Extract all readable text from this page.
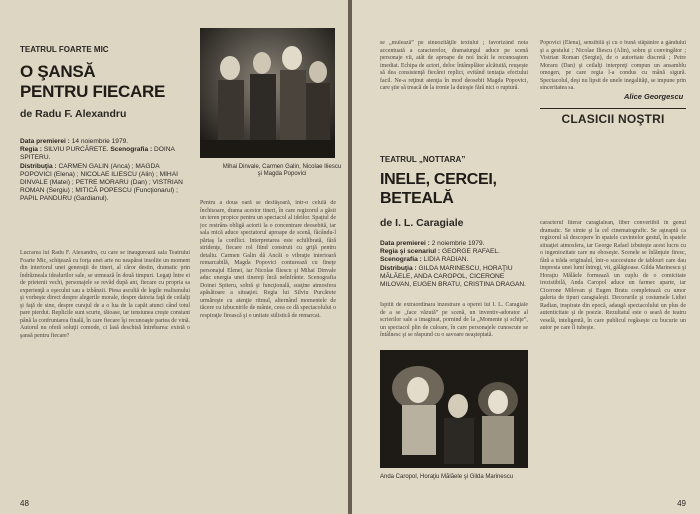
TEATRUL FOARTE MIC
O ŞANSĂ
PENTRU FIECARE
de Radu F. Alexandru
Data premierei : 14 noiembrie 1979.
Regia : SILVIU PURCĂRETE. Scenografia : DOINA SPITERU.
Distribuţia : CARMEN GALIN (Anca) ; MAGDA POPOVICI (Elena) ; NICOLAE ILIESCU (Alin) ; MIHAI DINVALE (Matei) ; PETRE MORARU (Dan) ; VISTRIAN ROMAN (Sergiu) ; MITICĂ POPESCU (Funcţionarul) ; PAPIL PANDURU (Gardianul).
Mihai Dinvale, Carmen Galin, Nicolae Iliescu şi Magda Popovici
Lucrarea lui Radu F. Alexandru, cu care se inaugurează sala Teatrului Foarte Mic, schiţează cu forţa unei arte nu neapărat insolite un moment din interiorul unei generaţii de tineri, al căror destin, dramatic prin îndrăzneala idealurilor sale, se urmează în două timpuri. Legaţi între ei de prietenii vechi, personajele se revăd după ani, fiecare cu propria sa experienţă a eşecului sau a izbânzii. Piesa ascultă de legile realismului şi vorbeşte direct despre alegerile morale, despre datoria faţă de ceilalţi şi faţă de sine, despre curajul de a o lua de la capăt atunci când totul pare pierdut. Replicile sunt scurte, tăioase, iar tensiunea creşte constant până la confruntarea finală, în care fiecare îşi recunoaşte partea de vină. Autorul nu oferă soluţii comode, ci lasă deschisă întrebarea: există o şansă pentru fiecare?
Pentru a doua oară se desfăşoară, într-o celulă de închisoare, drama acestor tineri, în care regizorul a găsit un teren propice pentru un spectacol al ideilor. Spaţiul de joc restrâns obligă actorii la o concentrare deosebită, iar sala mică aduce spectatorul aproape de scenă, făcându-l părtaş la conflict. Interpretarea este echilibrată, fără stridenţe, fiecare rol fiind construit cu grijă pentru detaliu. Carmen Galin dă Ancăi o vibraţie interioară remarcabilă, Magda Popovici conturează cu fineţe personajul Elenei, iar Nicolae Iliescu şi Mihai Dinvale aduc energia unei tinereţi încă neînfrânte. Scenografia Doinei Spiteru, sobră şi funcţională, susţine atmosfera apăsătoare a situaţiei. Regia lui Silviu Purcărete urmăreşte cu atenţie ritmul, alternând momentele de tăcere cu izbucnirile de mânie, ceea ce dă spectacolului o respiraţie firească şi o unitate stilistică de remarcat.
48
se „mulează” pe sinuozităţile textului ; favorizând nota accentuată a caracterelor, dramaturgul aduce pe scenă personaje vii, atât de aproape de noi încât le recunoaştem imediat. Echipa de actori, deloc întâmplător alcătuită, reuşeşte să dea consistenţă fiecărei replici, evitând tentaţia efectului facil. Ne-a reţinut atenţia în mod deosebit Magda Popovici, care ştie să treacă de la ironie la duioşie fără nici o ruptură.
Popovici (Elena), sensibilă şi cu o bună stăpânire a gândului şi a gestului ; Nicolae Iliescu (Alin), sobru şi convingător ; Vistrian Roman (Sergiu), de o autoritate discretă ; Petre Moraru (Dan) şi ceilalţi interpreţi compun un ansamblu omogen, pe care regia l-a condus cu mână sigură. Spectacolul, deşi nu lipsit de unele inegalităţi, se impune prin sinceritatea sa.
Alice Georgescu
CLASICII NOŞTRI
TEATRUL „NOTTARA”
INELE, CERCEI,
BETEALĂ
de I. L. Caragiale
Data premierei : 2 noiembrie 1979.
Regia şi scenariul : GEORGE RAFAEL.
Scenografia : LIDIA RADIAN.
Distribuţia : GILDA MARINESCU, HORAŢIU MĂLĂELE, ANDA CAROPOL, CICERONE MILOVAN, EUGEN BRATU, CRISTINA DRAGAN.
Ispitit de extraordinara înzestrare a operei lui I. L. Caragiale de a se „face văzută” pe scenă, un inventiv-adorator al scrierilor sale a imaginat, pornind de la „Momente şi schiţe”, un spectacol plin de culoare, în care personajele cunoscute se întâlnesc şi se răspund cu o savoare neaşteptată.
Anda Caropol, Horaţiu Mălăele şi Gilda Marinescu
caracterul literar caragialean, liber convertibil în genul dramatic. Se simte şi la cel cinematografic. Se aşteaptă ca regizorul să descopere în spatele cuvintelor gestul, în spatele situaţiei atmosfera, iar George Rafael izbuteşte acest lucru cu o ingeniozitate care nu oboseşte. Scenele se înlănţuie firesc, fără a trăda originalul, într-o succesiune de tablouri care dau impresia unei lumi întregi, vii, gălăgioase. Gilda Marinescu şi Horaţiu Mălăele formează un cuplu de o comicitate irezistibilă, Anda Caropol aduce un farmec aparte, iar Cicerone Milovan şi Eugen Bratu completează cu umor galeria de tipuri caragialeşti. Decorurile şi costumele Lidiei Radian, inspirate din epocă, adaugă spectacolului un plus de autenticitate şi de poezie. Rezultatul este o seară de teatru veselă, inteligentă, în care publicul regăseşte cu bucurie un autor pe care îl iubeşte.
49
